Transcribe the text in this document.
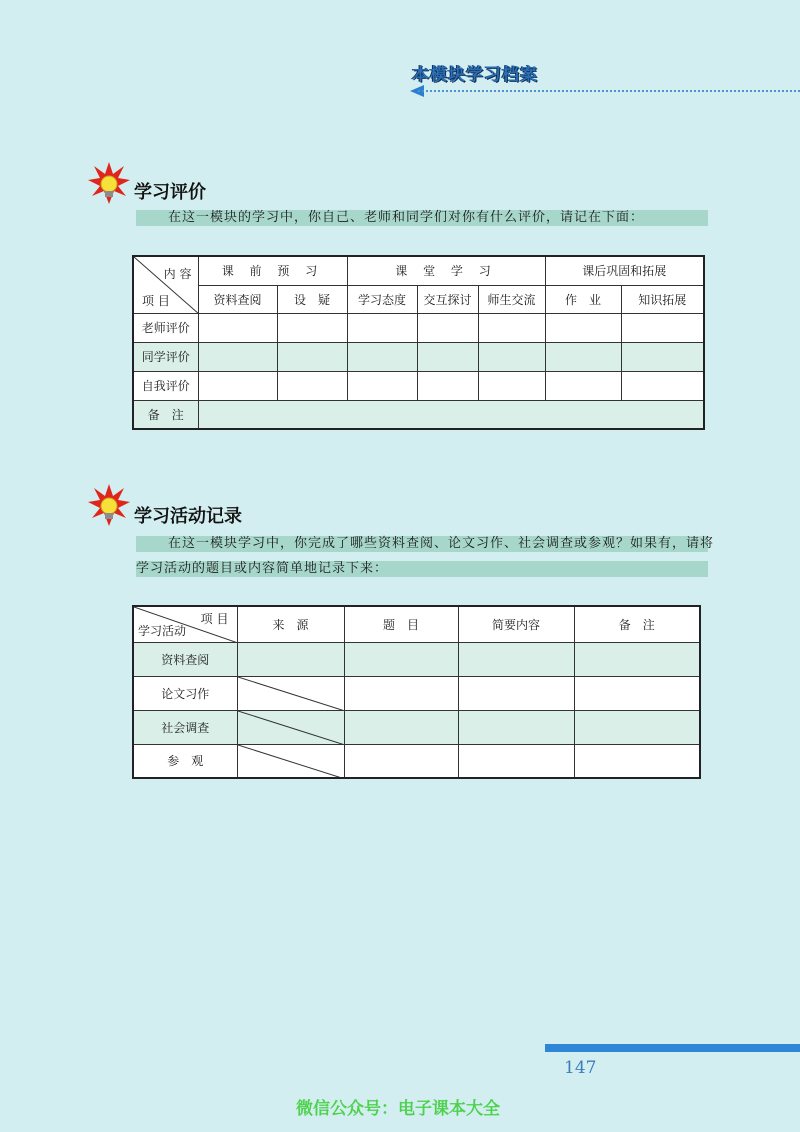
本模块学习档案
学习评价
在这一模块的学习中，你自己、老师和同学们对你有什么评价，请记在下面：
内 容
项 目	课 前 预 习		课 堂 学 习			课后巩固和拓展	
	资料查阅	设　疑	学习态度	交互探讨	师生交流	作　业	知识拓展
老师评价							
同学评价							
自我评价							
备　注							
学习活动记录
在这一模块学习中，你完成了哪些资料查阅、论文习作、社会调查或参观？如果有，请将学习活动的题目或内容简单地记录下来：
项 目
学习活动	来　源	题　目	简要内容	备　注
资料查阅				
论文习作	

社会调查	

参　观	

147
微信公众号：电子课本大全
